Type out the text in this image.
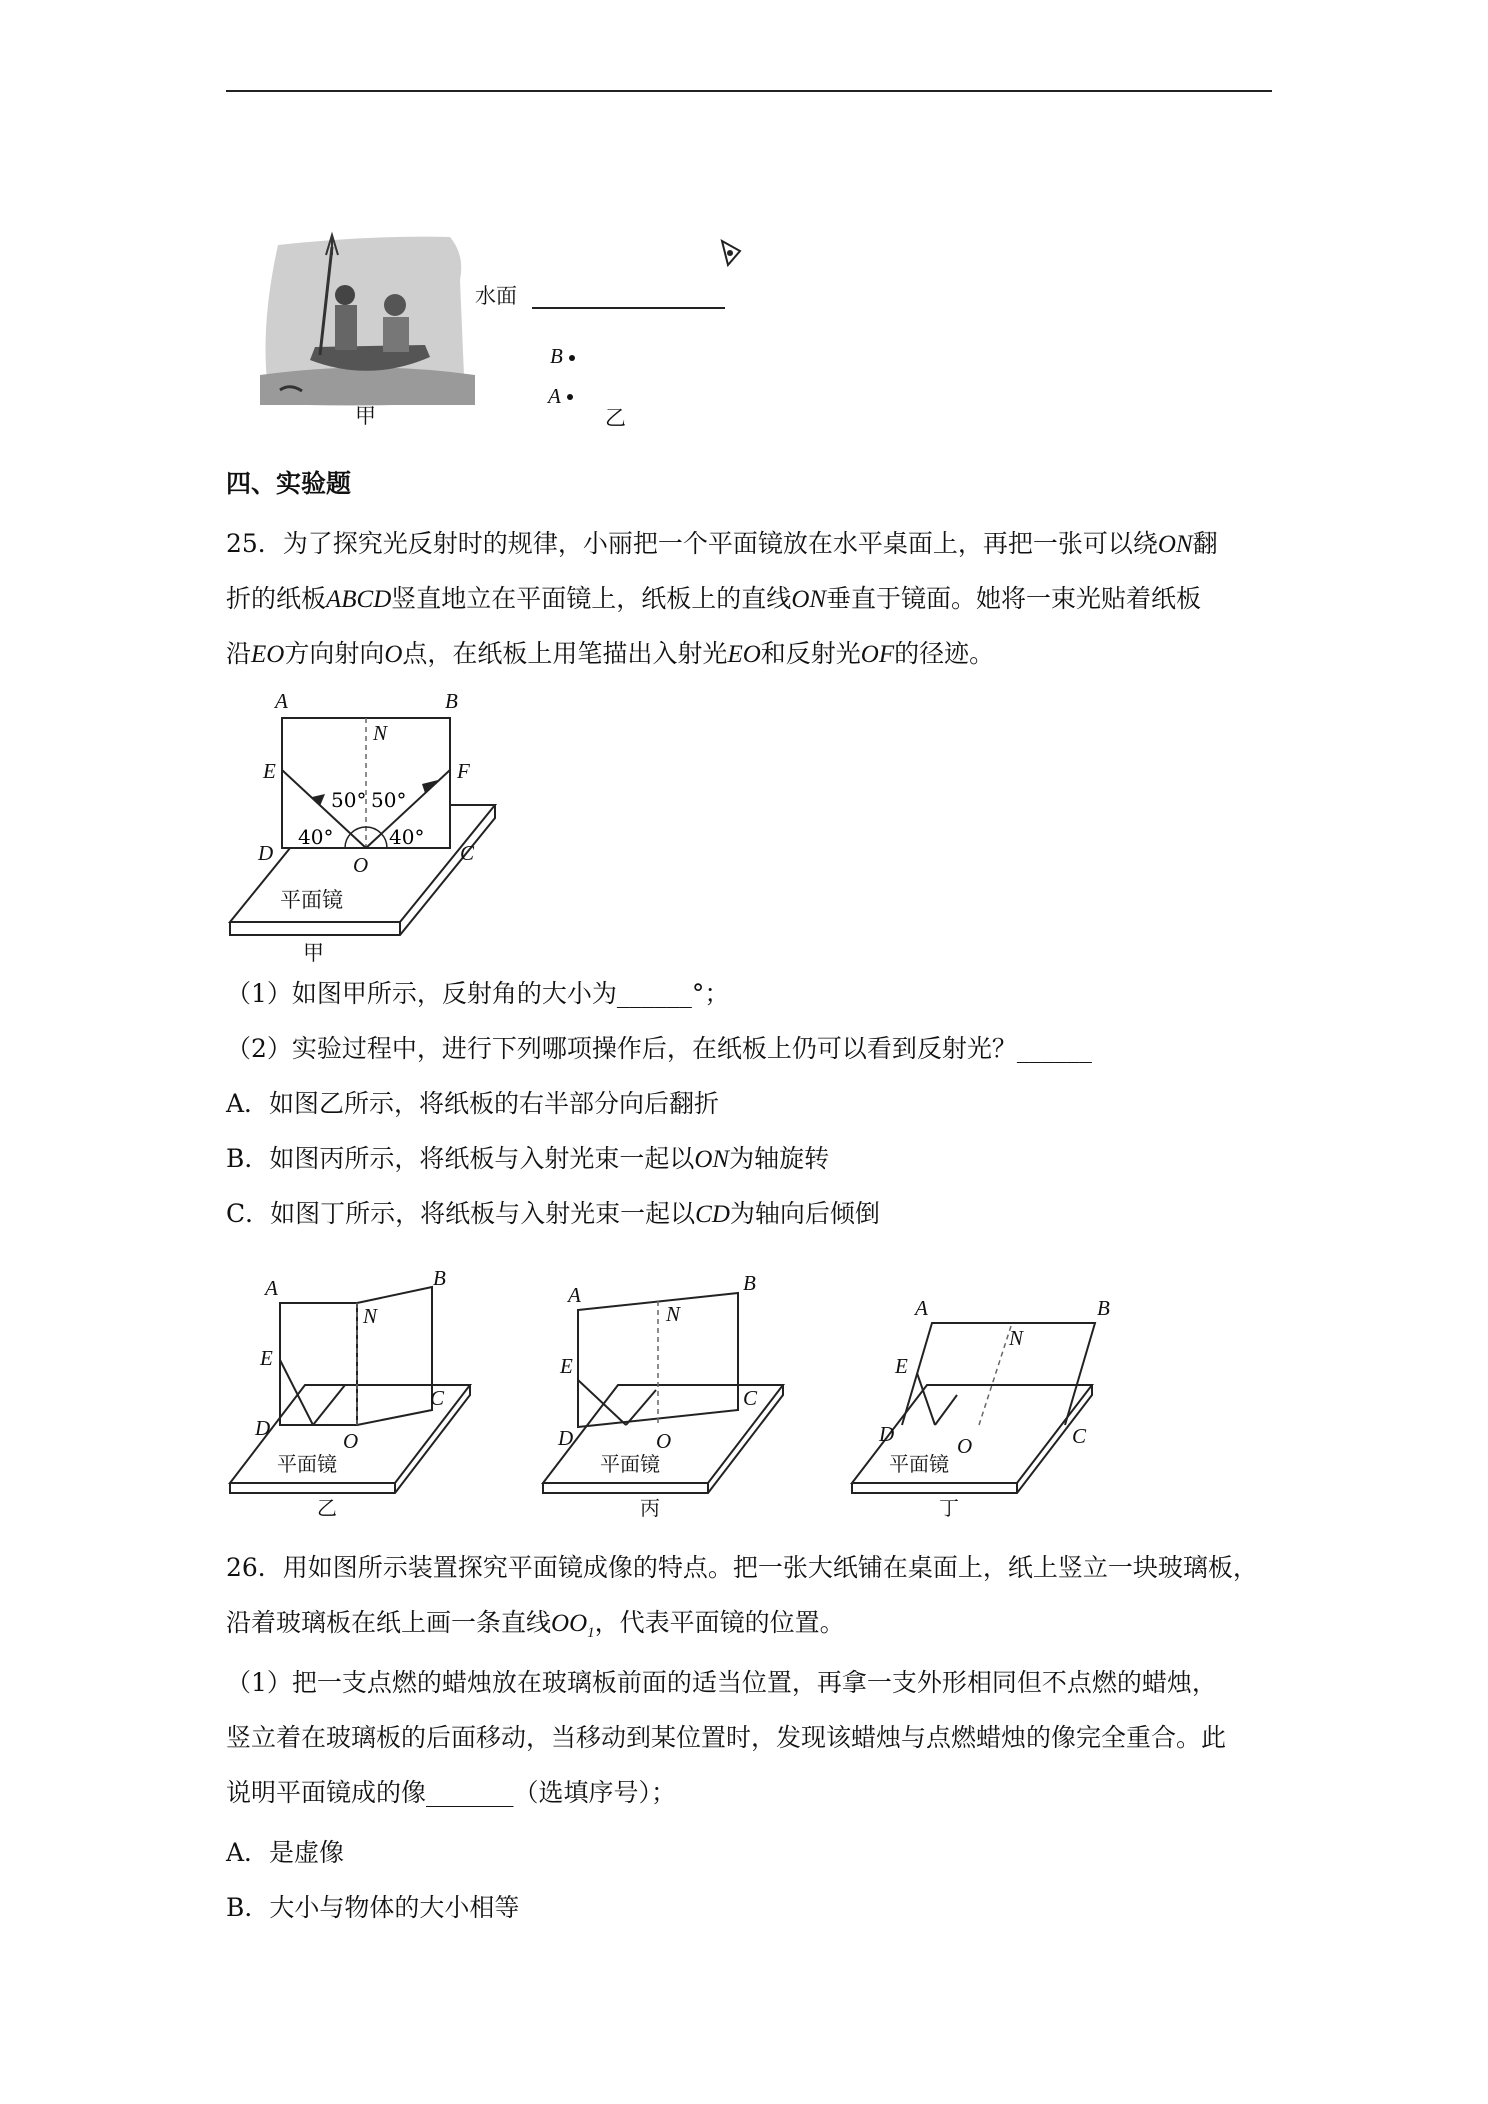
甲
水面
B
A
乙
四、实验题
25．为了探究光反射时的规律，小丽把一个平面镜放在水平桌面上，再把一张可以绕ON翻
折的纸板ABCD竖直地立在平面镜上，纸板上的直线ON垂直于镜面。她将一束光贴着纸板
沿EO方向射向O点，在纸板上用笔描出入射光EO和反射光OF的径迹。
A	B
N
E	F
D	O	C
50° 50°
40°	40°
平面镜
甲
（1）如图甲所示，反射角的大小为______°；
（2）实验过程中，进行下列哪项操作后，在纸板上仍可以看到反射光？______
A．如图乙所示，将纸板的右半部分向后翻折
B．如图丙所示，将纸板与入射光束一起以ON为轴旋转
C．如图丁所示，将纸板与入射光束一起以CD为轴向后倾倒
A	B
N
E
D
O
C
平面镜
乙
A	B
N
E
D	O
C
平面镜
丙
A	B
N
E
D	O	C
平面镜
丁
26．用如图所示装置探究平面镜成像的特点。把一张大纸铺在桌面上，纸上竖立一块玻璃板，
沿着玻璃板在纸上画一条直线$OO_1$，代表平面镜的位置。
（1）把一支点燃的蜡烛放在玻璃板前面的适当位置，再拿一支外形相同但不点燃的蜡烛，
竖立着在玻璃板的后面移动，当移动到某位置时，发现该蜡烛与点燃蜡烛的像完全重合。此
说明平面镜成的像_______（选填序号）；
A．是虚像
B．大小与物体的大小相等
